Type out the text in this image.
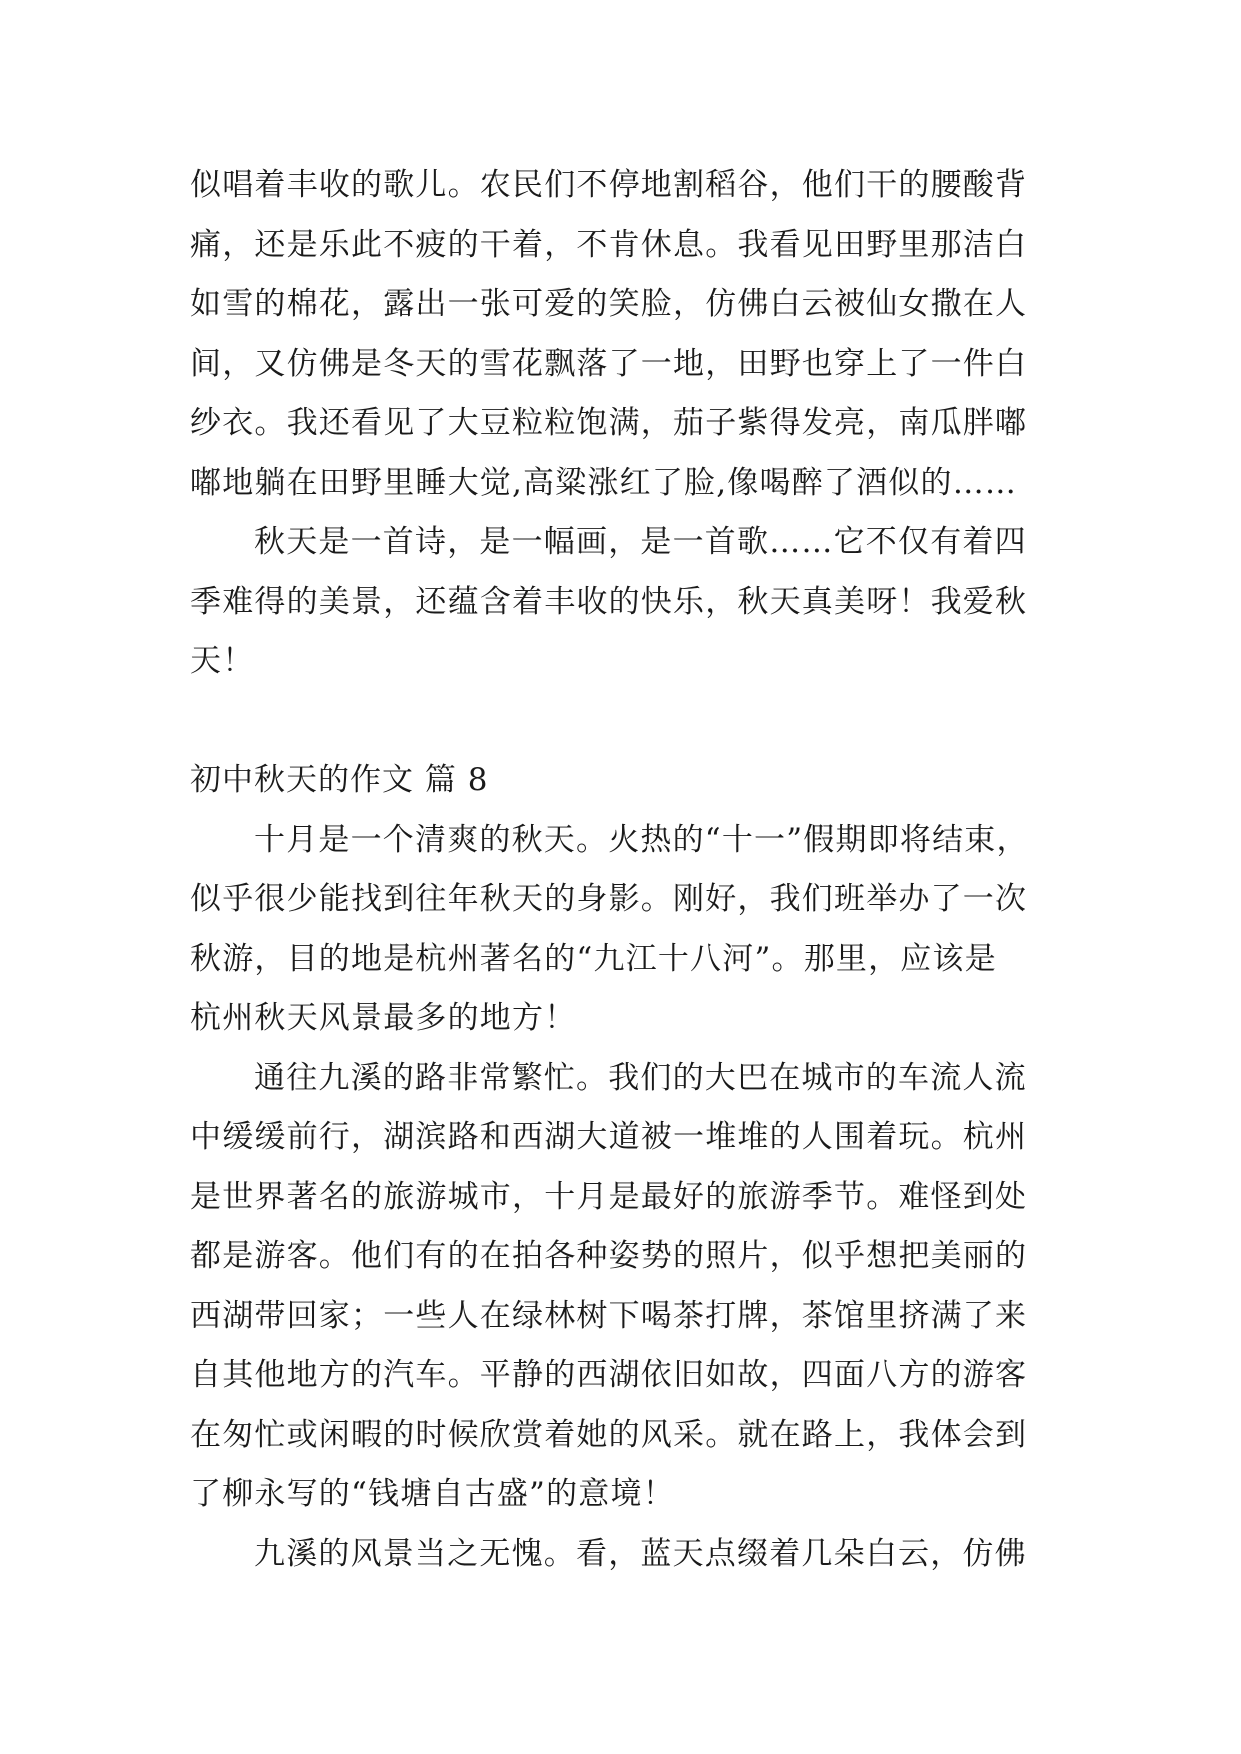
似唱着丰收的歌儿。农民们不停地割稻谷，他们干的腰酸背
痛，还是乐此不疲的干着，不肯休息。我看见田野里那洁白
如雪的棉花，露出一张可爱的笑脸，仿佛白云被仙女撒在人
间，又仿佛是冬天的雪花飘落了一地，田野也穿上了一件白
纱衣。我还看见了大豆粒粒饱满，茄子紫得发亮，南瓜胖嘟
嘟地躺在田野里睡大觉,高粱涨红了脸,像喝醉了酒似的……
秋天是一首诗，是一幅画，是一首歌……它不仅有着四
季难得的美景，还蕴含着丰收的快乐，秋天真美呀！我爱秋
天！
初中秋天的作文 篇 8
十月是一个清爽的秋天。火热的“十一”假期即将结束，
似乎很少能找到往年秋天的身影。刚好，我们班举办了一次
秋游，目的地是杭州著名的“九江十八河”。那里，应该是
杭州秋天风景最多的地方！
通往九溪的路非常繁忙。我们的大巴在城市的车流人流
中缓缓前行，湖滨路和西湖大道被一堆堆的人围着玩。杭州
是世界著名的旅游城市，十月是最好的旅游季节。难怪到处
都是游客。他们有的在拍各种姿势的照片，似乎想把美丽的
西湖带回家；一些人在绿林树下喝茶打牌，茶馆里挤满了来
自其他地方的汽车。平静的西湖依旧如故，四面八方的游客
在匆忙或闲暇的时候欣赏着她的风采。就在路上，我体会到
了柳永写的“钱塘自古盛”的意境！
九溪的风景当之无愧。看，蓝天点缀着几朵白云，仿佛
